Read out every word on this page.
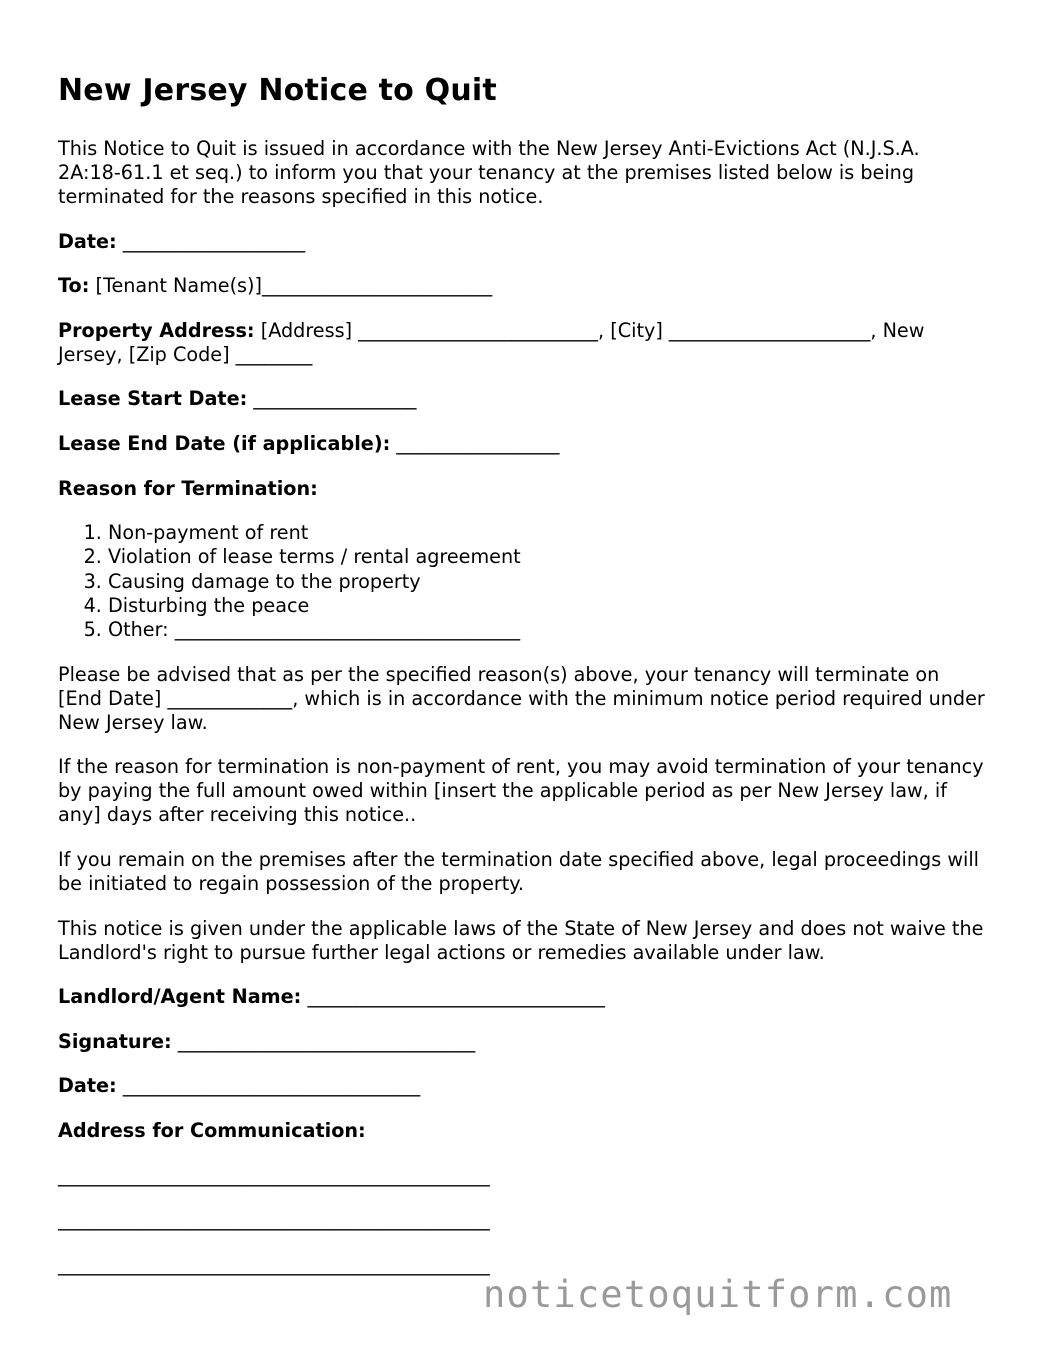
New Jersey Notice to Quit

This Notice to Quit is issued in accordance with the New Jersey Anti-Evictions Act (N.J.S.A. 2A:18-61.1 et seq.) to inform you that your tenancy at the premises listed below is being terminated for the reasons specified in this notice.

Date: ___________________

To: [Tenant Name(s)]________________________

Property Address: [Address] _________________________, [City] _____________________, New Jersey, [Zip Code] ________

Lease Start Date: _________________

Lease End Date (if applicable): _________________

Reason for Termination:

1. Non-payment of rent
2. Violation of lease terms / rental agreement
3. Causing damage to the property
4. Disturbing the peace
5. Other: ____________________________________

Please be advised that as per the specified reason(s) above, your tenancy will terminate on [End Date] _____________, which is in accordance with the minimum notice period required under New Jersey law.

If the reason for termination is non-payment of rent, you may avoid termination of your tenancy by paying the full amount owed within [insert the applicable period as per New Jersey law, if any] days after receiving this notice..

If you remain on the premises after the termination date specified above, legal proceedings will be initiated to regain possession of the property.

This notice is given under the applicable laws of the State of New Jersey and does not waive the Landlord's right to pursue further legal actions or remedies available under law.

Landlord/Agent Name: _______________________________

Signature: _______________________________

Date: _______________________________

Address for Communication:

_____________________________________________

_____________________________________________

_____________________________________________

noticetoquitform.com
